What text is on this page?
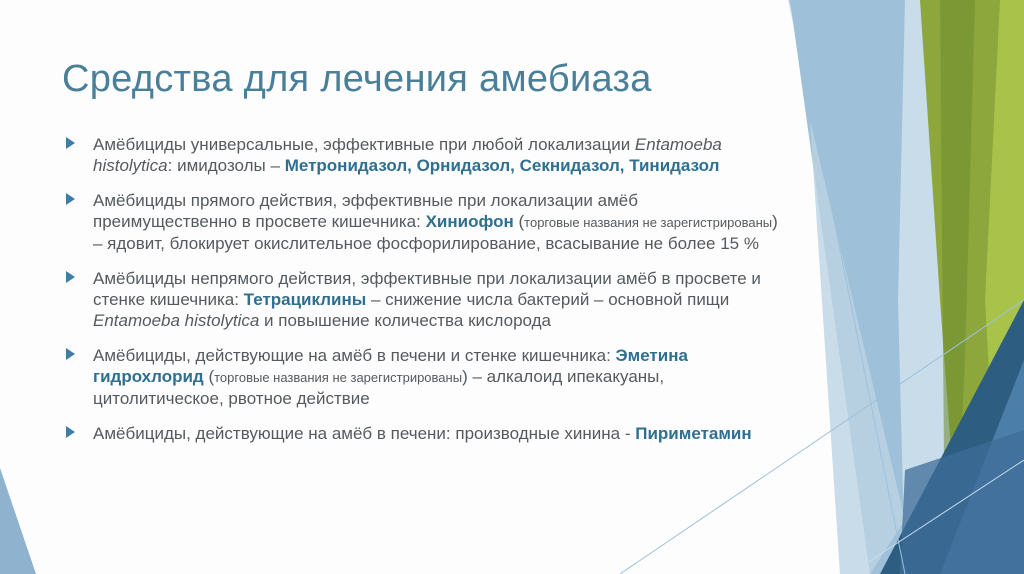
Средства для лечения амебиаза
Амёбициды универсальные, эффективные при любой локализации Entamoeba histolytica: имидозолы – Метронидазол, Орнидазол, Секнидазол, Тинидазол
Амёбициды прямого действия, эффективные при локализации амёб преимущественно в просвете кишечника: Хиниофон (торговые названия не зарегистрированы) – ядовит, блокирует окислительное фосфорилирование, всасывание не более 15 %
Амёбициды непрямого действия, эффективные при локализации амёб в просвете и стенке кишечника: Тетрациклины – снижение числа бактерий – основной пищи Entamoeba histolytica и повышение количества кислорода
Амёбициды, действующие на амёб в печени и стенке кишечника: Эметина гидрохлорид (торговые названия не зарегистрированы) – алкалоид ипекакуаны, цитолитическое, рвотное действие
Амёбициды, действующие на амёб в печени: производные хинина - Пириметамин
